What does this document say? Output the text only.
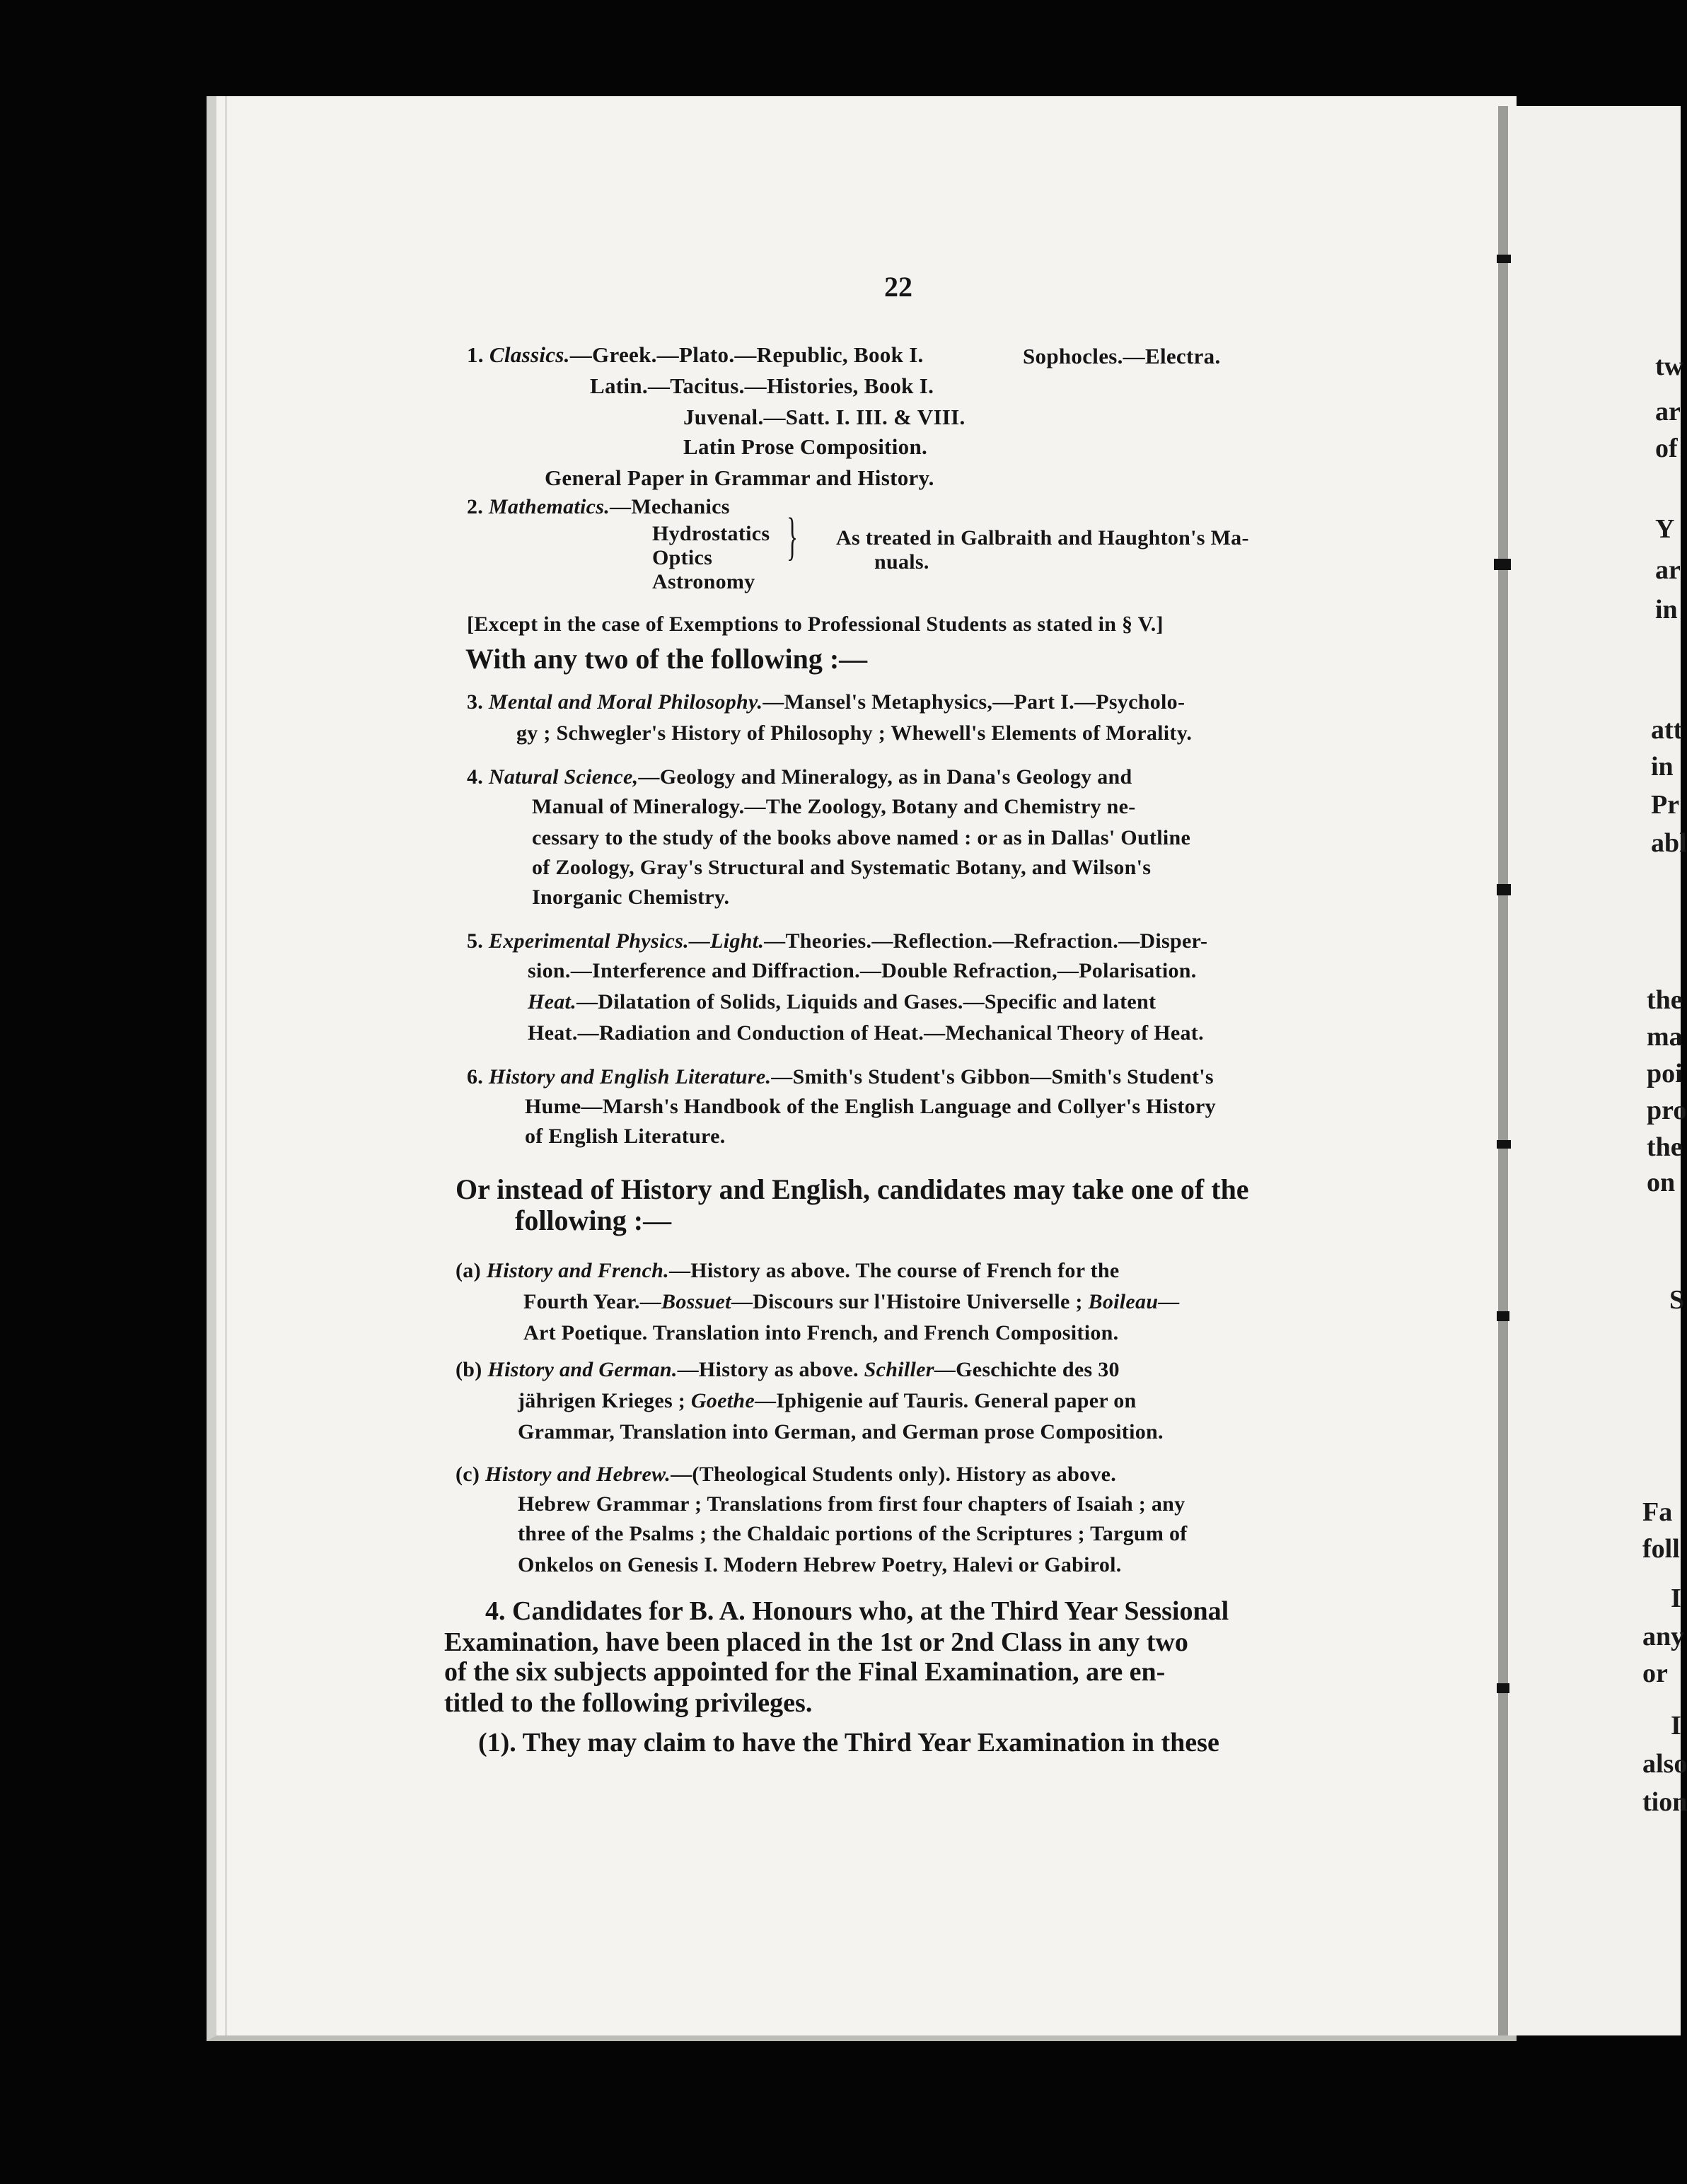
22
1. Classics.—Greek.—Plato.—Republic, Book I.	Sophocles.—Electra.
Latin.—Tacitus.—Histories, Book I.
Juvenal.—Satt. I. III. & VIII.
Latin Prose Composition.
General Paper in Grammar and History.
2. Mathematics.—Mechanics
Hydrostatics
Optics
Astronomy
} As treated in Galbraith and Haughton's Ma-
nuals.
[Except in the case of Exemptions to Professional Students as stated in § V.]
With any two of the following :—
3. Mental and Moral Philosophy.—Mansel's Metaphysics,—Part I.—Psycholo-
gy ; Schwegler's History of Philosophy ; Whewell's Elements of Morality.
4. Natural Science,—Geology and Mineralogy, as in Dana's Geology and
Manual of Mineralogy.—The Zoology, Botany and Chemistry ne-
cessary to the study of the books above named : or as in Dallas' Outline
of Zoology, Gray's Structural and Systematic Botany, and Wilson's
Inorganic Chemistry.
5. Experimental Physics.—Light.—Theories.—Reflection.—Refraction.—Disper-
sion.—Interference and Diffraction.—Double Refraction,—Polarisation.
Heat.—Dilatation of Solids, Liquids and Gases.—Specific and latent
Heat.—Radiation and Conduction of Heat.—Mechanical Theory of Heat.
6. History and English Literature.—Smith's Student's Gibbon—Smith's Student's
Hume—Marsh's Handbook of the English Language and Collyer's History
of English Literature.
Or instead of History and English, candidates may take one of the
following :—
(a) History and French.—History as above. The course of French for the
Fourth Year.—Bossuet—Discours sur l'Histoire Universelle ; Boileau—
Art Poetique. Translation into French, and French Composition.
(b) History and German.—History as above. Schiller—Geschichte des 30
jährigen Krieges ; Goethe—Iphigenie auf Tauris. General paper on
Grammar, Translation into German, and German prose Composition.
(c) History and Hebrew.—(Theological Students only). History as above.
Hebrew Grammar ; Translations from first four chapters of Isaiah ; any
three of the Psalms ; the Chaldaic portions of the Scriptures ; Targum of
Onkelos on Genesis I. Modern Hebrew Poetry, Halevi or Gabirol.
4. Candidates for B. A. Honours who, at the Third Year Sessional
Examination, have been placed in the 1st or 2nd Class in any two
of the six subjects appointed for the Final Examination, are en-
titled to the following privileges.
(1). They may claim to have the Third Year Examination in these
tw
ar
of
Y
ar
in
att
in
Pr
abl
the
ma
poi
pro
the
on
S
Fa
foll
I
any
or
I
also
tion
